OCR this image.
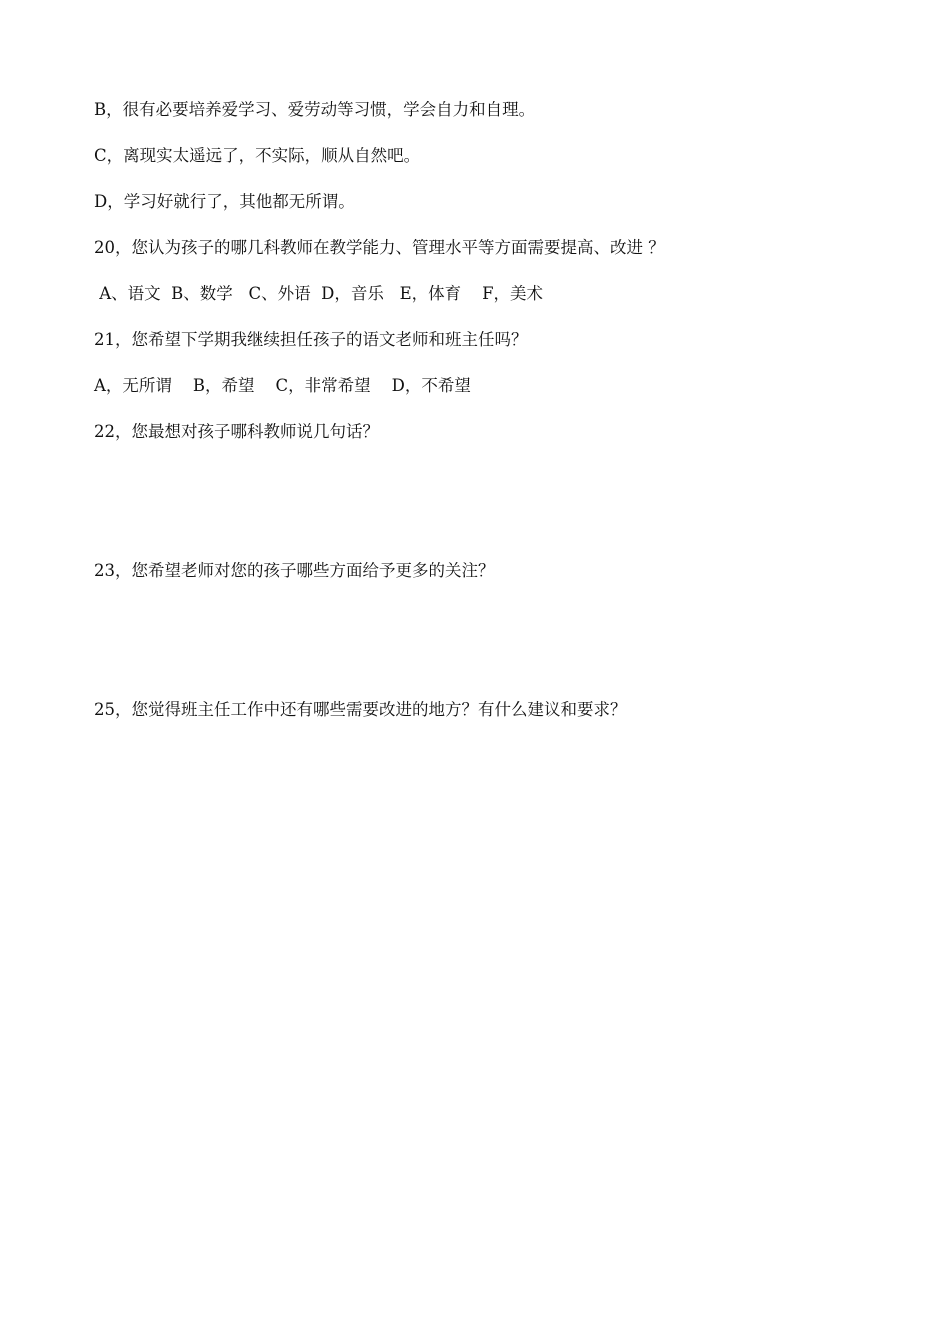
B，很有必要培养爱学习、爱劳动等习惯，学会自力和自理。

C，离现实太遥远了，不实际，顺从自然吧。

D，学习好就行了，其他都无所谓。

20，您认为孩子的哪几科教师在教学能力、管理水平等方面需要提高、改进 ？

A、语文  B、数学   C、外语  D，音乐   E，体育    F，美术

21，您希望下学期我继续担任孩子的语文老师和班主任吗？

A，无所谓    B，希望    C，非常希望    D，不希望

22，您最想对孩子哪科教师说几句话？

23，您希望老师对您的孩子哪些方面给予更多的关注？

25，您觉得班主任工作中还有哪些需要改进的地方？有什么建议和要求？
